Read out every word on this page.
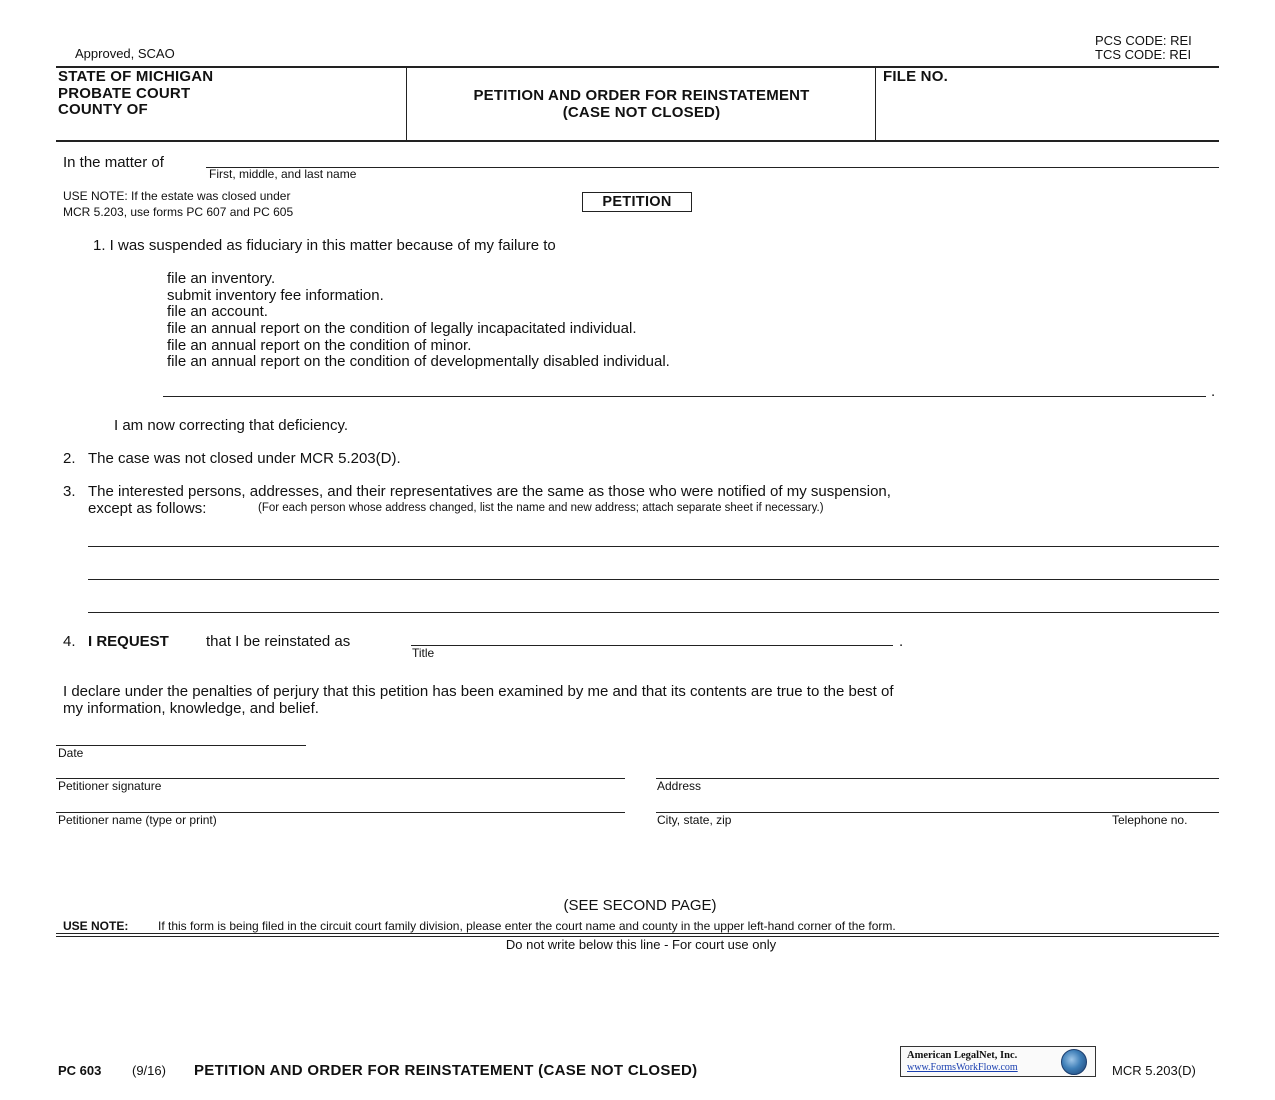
Approved, SCAO
PCS CODE: REI
TCS CODE: REI
STATE OF MICHIGAN
PROBATE COURT
COUNTY OF
PETITION AND ORDER FOR REINSTATEMENT
(CASE NOT CLOSED)
FILE NO.
In the matter of
First, middle, and last name
USE NOTE: If the estate was closed under
MCR 5.203, use forms PC 607 and PC 605
PETITION
1. I was suspended as fiduciary in this matter because of my failure to
file an inventory.
submit inventory fee information.
file an account.
file an annual report on the condition of legally incapacitated individual.
file an annual report on the condition of minor.
file an annual report on the condition of developmentally disabled individual.
.
I am now correcting that deficiency.
2. The case was not closed under MCR 5.203(D).
3. The interested persons, addresses, and their representatives are the same as those who were notified of my suspension,
except as follows:	(For each person whose address changed, list the name and new address; attach separate sheet if necessary.)
4. I REQUEST that I be reinstated as	.
Title
I declare under the penalties of perjury that this petition has been examined by me and that its contents are true to the best of
my information, knowledge, and belief.
Date
Petitioner signature	Address
Petitioner name (type or print)	City, state, zip	Telephone no.
(SEE SECOND PAGE)
USE NOTE: If this form is being filed in the circuit court family division, please enter the court name and county in the upper left-hand corner of the form.
Do not write below this line - For court use only
PC 603 (9/16) PETITION AND ORDER FOR REINSTATEMENT (CASE NOT CLOSED)
American LegalNet, Inc.
www.FormsWorkFlow.com	MCR 5.203(D)
